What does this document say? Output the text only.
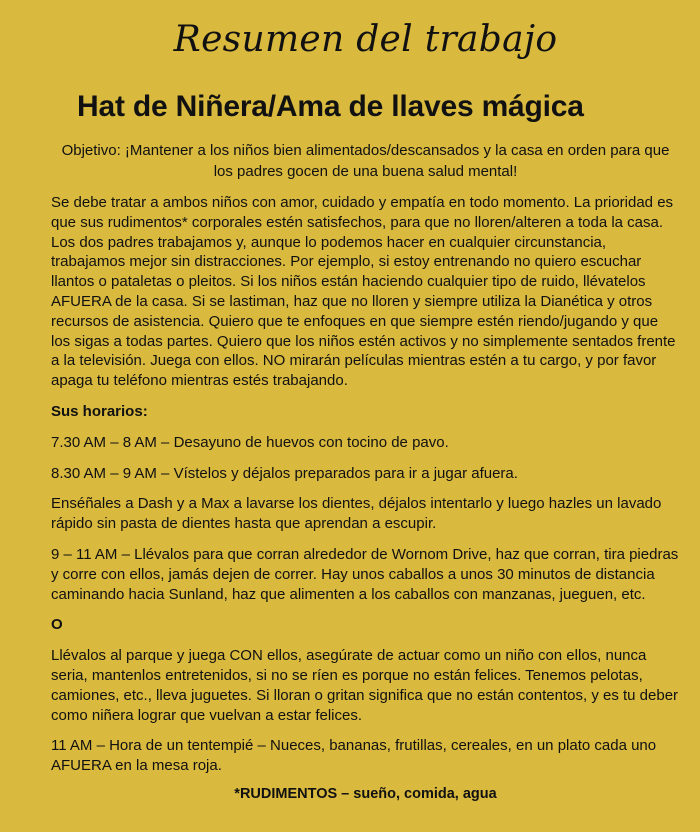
Resumen del trabajo
Hat de Niñera/Ama de llaves mágica

Objetivo: ¡Mantener a los niños bien alimentados/descansados y la casa en orden para que los padres gocen de una buena salud mental!

Se debe tratar a ambos niños con amor, cuidado y empatía en todo momento. La prioridad es que sus rudimentos* corporales estén satisfechos, para que no lloren/alteren a toda la casa. Los dos padres trabajamos y, aunque lo podemos hacer en cualquier circunstancia, trabajamos mejor sin distracciones. Por ejemplo, si estoy entrenando no quiero escuchar llantos o pataletas o pleitos. Si los niños están haciendo cualquier tipo de ruido, llévatelos AFUERA de la casa. Si se lastiman, haz que no lloren y siempre utiliza la Dianética y otros recursos de asistencia. Quiero que te enfoques en que siempre estén riendo/jugando y que los sigas a todas partes. Quiero que los niños estén activos y no simplemente sentados frente a la televisión. Juega con ellos. NO mirarán películas mientras estén a tu cargo, y por favor apaga tu teléfono mientras estés trabajando.

Sus horarios:

7.30 AM – 8 AM – Desayuno de huevos con tocino de pavo.

8.30 AM – 9 AM – Vístelos y déjalos preparados para ir a jugar afuera.

Enséñales a Dash y a Max a lavarse los dientes, déjalos intentarlo y luego hazles un lavado rápido sin pasta de dientes hasta que aprendan a escupir.

9 – 11 AM – Llévalos para que corran alrededor de Wornom Drive, haz que corran, tira piedras y corre con ellos, jamás dejen de correr. Hay unos caballos a unos 30 minutos de distancia caminando hacia Sunland, haz que alimenten a los caballos con manzanas, jueguen, etc.

O

Llévalos al parque y juega CON ellos, asegúrate de actuar como un niño con ellos, nunca seria, mantenlos entretenidos, si no se ríen es porque no están felices. Tenemos pelotas, camiones, etc., lleva juguetes. Si lloran o gritan significa que no están contentos, y es tu deber como niñera lograr que vuelvan a estar felices.

11 AM – Hora de un tentempié – Nueces, bananas, frutillas, cereales, en un plato cada uno AFUERA en la mesa roja.

*RUDIMENTOS – sueño, comida, agua
